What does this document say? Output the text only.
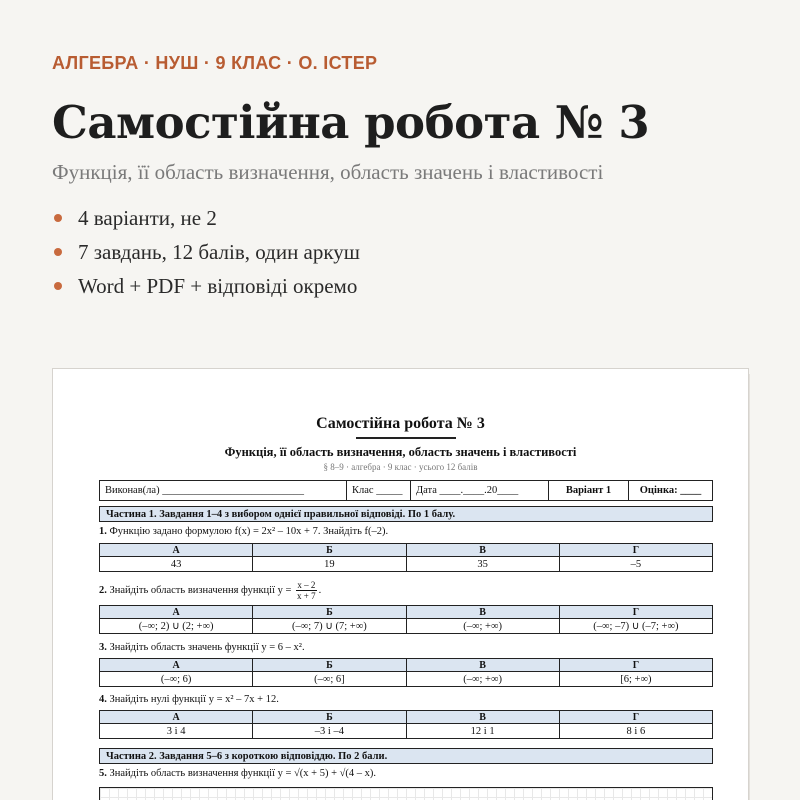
АЛГЕБРА · НУШ · 9 КЛАС · О. ІСТЕР
Самостійна робота № 3
Функція, її область визначення, область значень і властивості
4 варіанти, не 2
7 завдань, 12 балів, один аркуш
Word + PDF + відповіді окремо
Самостійна робота № 3
Функція, її область визначення, область значень і властивості
§ 8–9 · алгебра · 9 клас · усього 12 балів
Виконав(ла) ___________________________	Клас _____	Дата ____.____.20____	Варіант 1	Оцінка: ____
Частина 1. Завдання 1–4 з вибором однієї правильної відповіді. По 1 балу.
1. Функцію задано формулою f(x) = 2x² – 10x + 7. Знайдіть f(–2).
А	Б	В	Г
43	19	35	–5
2. Знайдіть область визначення функції $y = \frac{x - 2}{x + 7}$ .
А	Б	В	Г
(–∞; 2) ∪ (2; +∞)	(–∞; 7) ∪ (7; +∞)	(–∞; +∞)	(–∞; –7) ∪ (–7; +∞)
3. Знайдіть область значень функції y = 6 – x².
А	Б	В	Г
(–∞; 6)	(–∞; 6]	(–∞; +∞)	[6; +∞)
4. Знайдіть нулі функції y = x² – 7x + 12.
А	Б	В	Г
3 і 4	–3 і –4	12 і 1	8 і 6
Частина 2. Завдання 5–6 з короткою відповіддю. По 2 бали.
5. Знайдіть область визначення функції y = √(x + 5) + √(4 – x).
